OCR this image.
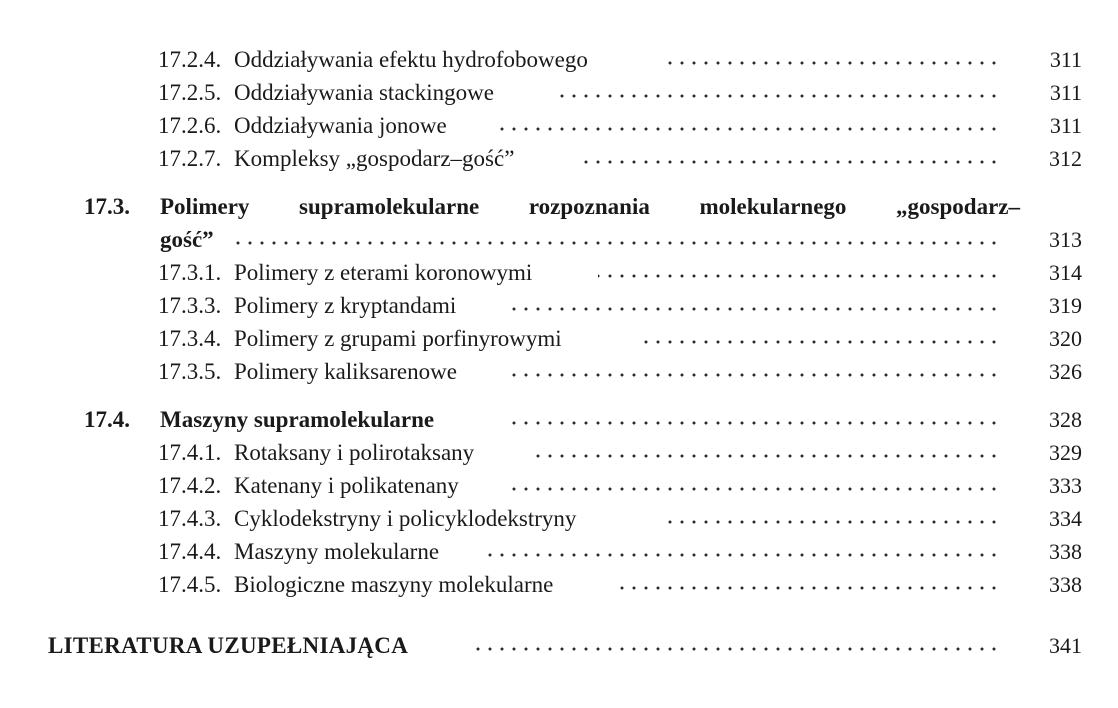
17.2.4. Oddziaływania efektu hydrofobowego	311
17.2.5. Oddziaływania stackingowe	311
17.2.6. Oddziaływania jonowe	311
17.2.7. Kompleksy „gospodarz–gość”	312
17.3. Polimery supramolekularne rozpoznania molekularnego „gospodarz–
gość”	313
17.3.1. Polimery z eterami koronowymi	314
17.3.3. Polimery z kryptandami	319
17.3.4. Polimery z grupami porfinyrowymi	320
17.3.5. Polimery kaliksarenowe	326
17.4. Maszyny supramolekularne	328
17.4.1. Rotaksany i polirotaksany	329
17.4.2. Katenany i polikatenany	333
17.4.3. Cyklodekstryny i policyklodekstryny	334
17.4.4. Maszyny molekularne	338
17.4.5. Biologiczne maszyny molekularne	338
LITERATURA UZUPEŁNIAJĄCA	341
